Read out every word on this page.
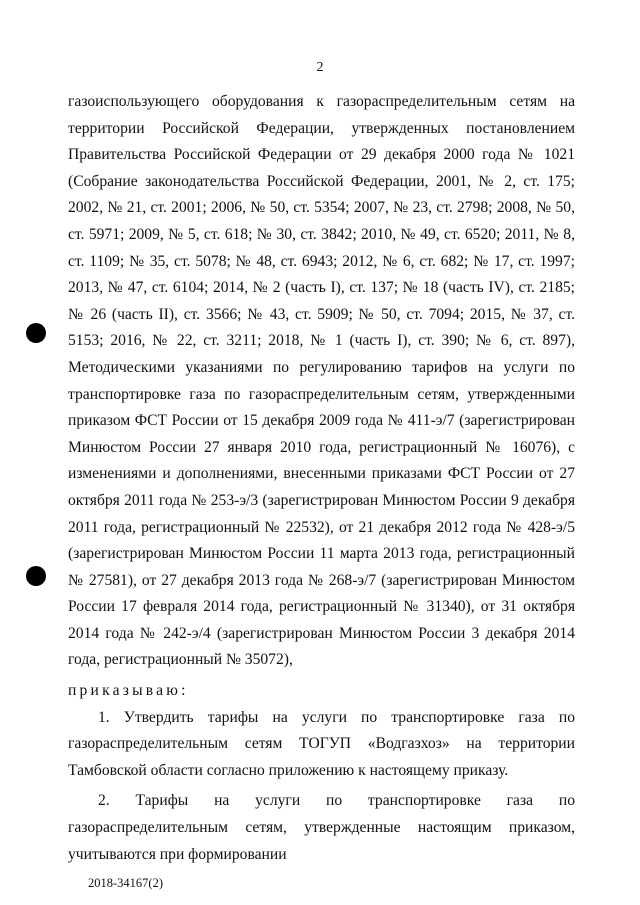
2

газоиспользующего оборудования к газораспределительным сетям на территории Российской Федерации, утвержденных постановлением Правительства Российской Федерации от 29 декабря 2000 года № 1021 (Собрание законодательства Российской Федерации, 2001, № 2, ст. 175; 2002, № 21, ст. 2001; 2006, № 50, ст. 5354; 2007, № 23, ст. 2798; 2008, № 50, ст. 5971; 2009, № 5, ст. 618; № 30, ст. 3842; 2010, № 49, ст. 6520; 2011, № 8, ст. 1109; № 35, ст. 5078; № 48, ст. 6943; 2012, № 6, ст. 682; № 17, ст. 1997; 2013, № 47, ст. 6104; 2014, № 2 (часть I), ст. 137; № 18 (часть IV), ст. 2185; № 26 (часть II), ст. 3566; № 43, ст. 5909; № 50, ст. 7094; 2015, № 37, ст. 5153; 2016, № 22, ст. 3211; 2018, № 1 (часть I), ст. 390; № 6, ст. 897), Методическими указаниями по регулированию тарифов на услуги по транспортировке газа по газораспределительным сетям, утвержденными приказом ФСТ России от 15 декабря 2009 года № 411-э/7 (зарегистрирован Минюстом России 27 января 2010 года, регистрационный № 16076), с изменениями и дополнениями, внесенными приказами ФСТ России от 27 октября 2011 года № 253-э/3 (зарегистрирован Минюстом России 9 декабря 2011 года, регистрационный № 22532), от 21 декабря 2012 года № 428-э/5 (зарегистрирован Минюстом России 11 марта 2013 года, регистрационный № 27581), от 27 декабря 2013 года № 268-э/7 (зарегистрирован Минюстом России 17 февраля 2014 года, регистрационный № 31340), от 31 октября 2014 года № 242-э/4 (зарегистрирован Минюстом России 3 декабря 2014 года, регистрационный № 35072),

приказываю:

1. Утвердить тарифы на услуги по транспортировке газа по газораспределительным сетям ТОГУП «Водгазхоз» на территории Тамбовской области согласно приложению к настоящему приказу.

2. Тарифы на услуги по транспортировке газа по газораспределительным сетям, утвержденные настоящим приказом, учитываются при формировании

2018-34167(2)
